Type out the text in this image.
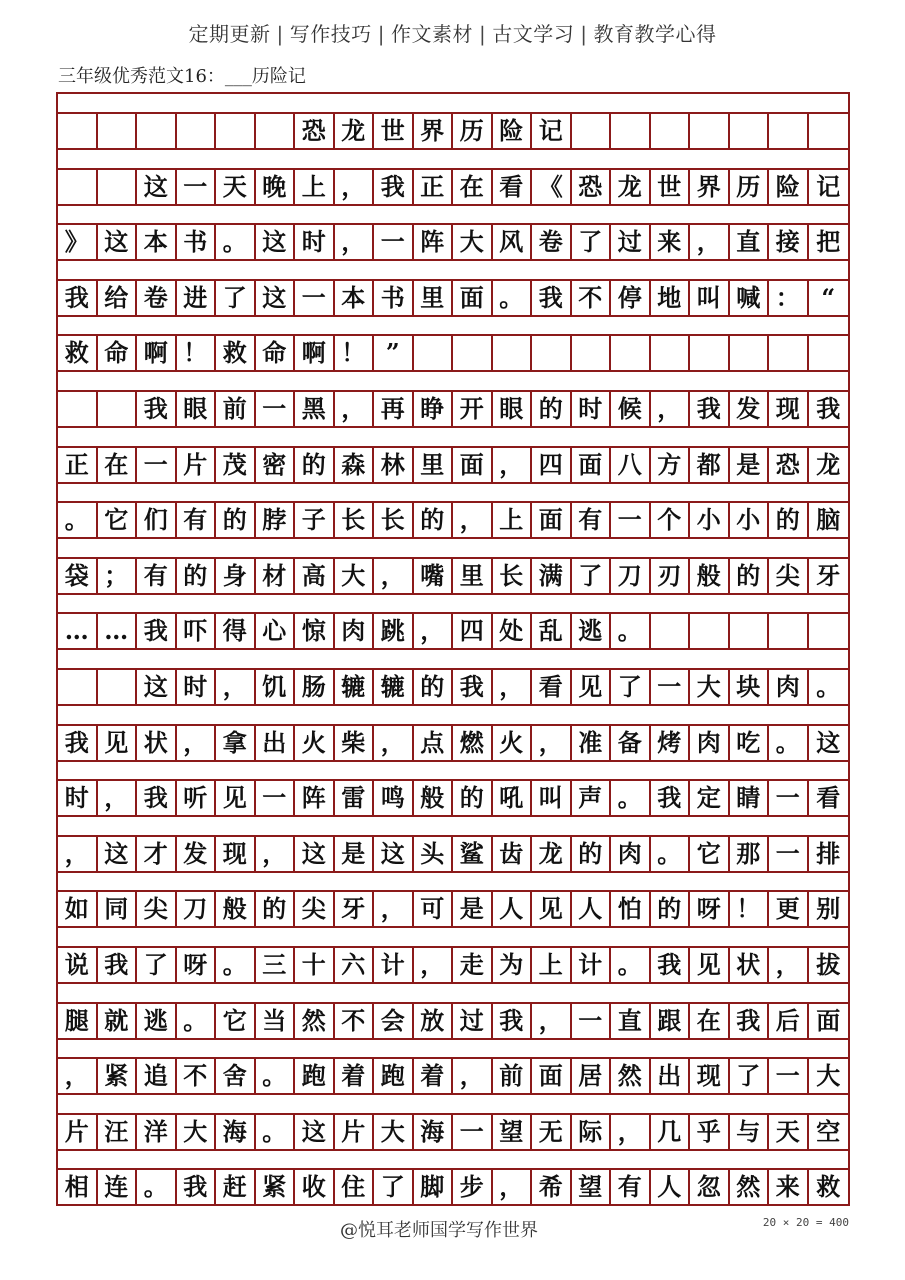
定期更新 | 写作技巧 | 作文素材 | 古文学习 | 教育教学心得
三年级优秀范文16：___历险记
恐 龙 世 界 历 险 记
这 一 天 晚 上 ， 我 正 在 看 《 恐 龙 世 界 历 险 记
》 这 本 书 。 这 时 ， 一 阵 大 风 卷 了 过 来 ， 直 接 把
我 给 卷 进 了 这 一 本 书 里 面 。 我 不 停 地 叫 喊 ： “
救 命 啊 ！ 救 命 啊 ！ ”
我 眼 前 一 黑 ， 再 睁 开 眼 的 时 候 ， 我 发 现 我
正 在 一 片 茂 密 的 森 林 里 面 ， 四 面 八 方 都 是 恐 龙
。 它 们 有 的 脖 子 长 长 的 ， 上 面 有 一 个 小 小 的 脑
袋 ； 有 的 身 材 高 大 ， 嘴 里 长 满 了 刀 刃 般 的 尖 牙
… … 我 吓 得 心 惊 肉 跳 ， 四 处 乱 逃 。
这 时 ， 饥 肠 辘 辘 的 我 ， 看 见 了 一 大 块 肉 。
我 见 状 ， 拿 出 火 柴 ， 点 燃 火 ， 准 备 烤 肉 吃 。 这
时 ， 我 听 见 一 阵 雷 鸣 般 的 吼 叫 声 。 我 定 睛 一 看
， 这 才 发 现 ， 这 是 这 头 鲨 齿 龙 的 肉 。 它 那 一 排
如 同 尖 刀 般 的 尖 牙 ， 可 是 人 见 人 怕 的 呀 ！ 更 别
说 我 了 呀 。 三 十 六 计 ， 走 为 上 计 。 我 见 状 ， 拔
腿 就 逃 。 它 当 然 不 会 放 过 我 ， 一 直 跟 在 我 后 面
， 紧 追 不 舍 。 跑 着 跑 着 ， 前 面 居 然 出 现 了 一 大
片 汪 洋 大 海 。 这 片 大 海 一 望 无 际 ， 几 乎 与 天 空
相 连 。 我 赶 紧 收 住 了 脚 步 ， 希 望 有 人 忽 然 来 救
@悦耳老师国学写作世界	20 × 20 = 400
